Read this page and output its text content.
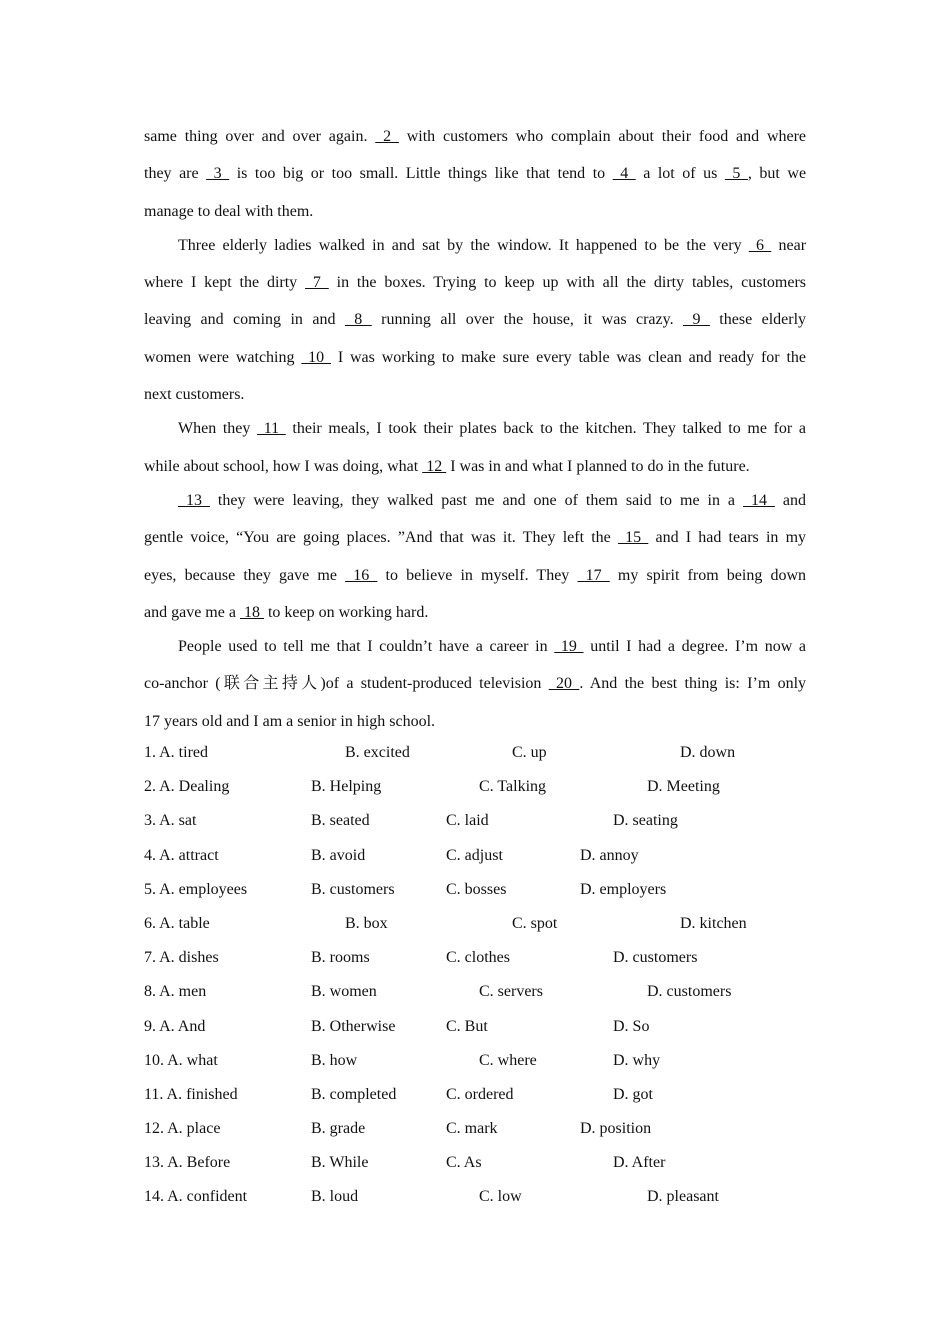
same thing over and over again.  2  with customers who complain about their food and where
they are  3  is too big or too small. Little things like that tend to  4  a lot of us  5 , but we
manage to deal with them.
Three elderly ladies walked in and sat by the window. It happened to be the very  6  near
where I kept the dirty  7  in the boxes. Trying to keep up with all the dirty tables, customers
leaving and coming in and  8  running all over the house, it was crazy.  9  these elderly
women were watching  10  I was working to make sure every table was clean and ready for the
next customers.
When they  11  their meals, I took their plates back to the kitchen. They talked to me for a
while about school, how I was doing, what  12  I was in and what I planned to do in the future.
13  they were leaving, they walked past me and one of them said to me in a  14  and
gentle voice, “You are going places. ”And that was it. They left the  15  and I had tears in my
eyes, because they gave me  16  to believe in myself. They  17  my spirit from being down
and gave me a  18  to keep on working hard.
People used to tell me that I couldn’t have a career in  19  until I had a degree. I’m now a
co-anchor (联合主持人)of a student-produced television  20 . And the best thing is: I’m only
17 years old and I am a senior in high school.
1. A. tired	B. excited	C. up	D. down
2. A. Dealing	B. Helping	C. Talking	D. Meeting
3. A. sat	B. seated	C. laid	D. seating
4. A. attract	B. avoid	C. adjust	D. annoy
5. A. employees	B. customers	C. bosses	D. employers
6. A. table	B. box	C. spot	D. kitchen
7. A. dishes	B. rooms	C. clothes	D. customers
8. A. men	B. women	C. servers	D. customers
9. A. And	B. Otherwise	C. But	D. So
10. A. what	B. how	C. where	D. why
11. A. finished	B. completed	C. ordered	D. got
12. A. place	B. grade	C. mark	D. position
13. A. Before	B. While	C. As	D. After
14. A. confident	B. loud	C. low	D. pleasant
